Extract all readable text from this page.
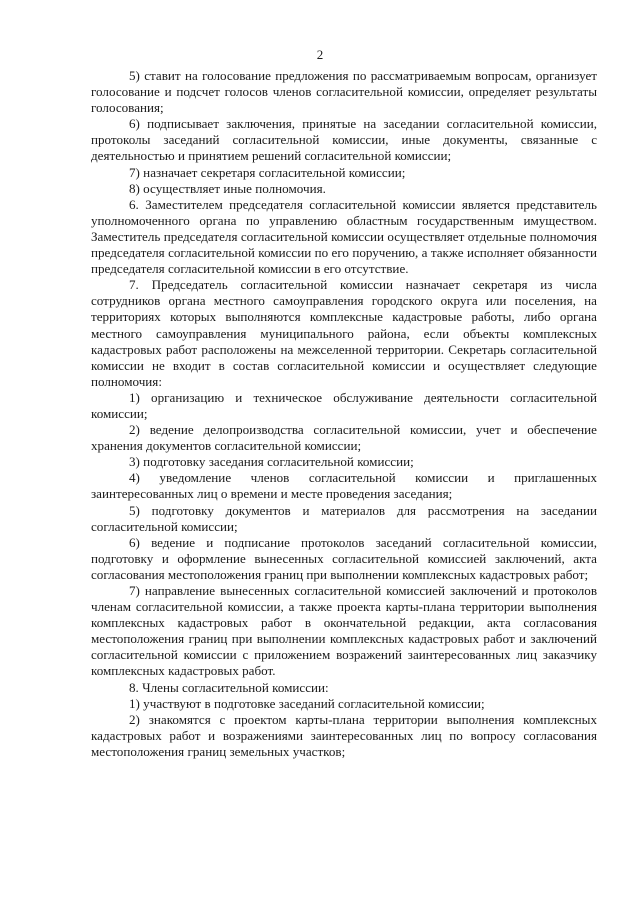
2

5) ставит на голосование предложения по рассматриваемым вопросам, организует голосование и подсчет голосов членов согласительной комиссии, определяет результаты голосования;

6) подписывает заключения, принятые на заседании согласительной комиссии, протоколы заседаний согласительной комиссии, иные документы, связанные с деятельностью и принятием решений согласительной комиссии;

7) назначает секретаря согласительной комиссии;

8) осуществляет иные полномочия.

6. Заместителем председателя согласительной комиссии является представитель уполномоченного органа по управлению областным государственным имуществом. Заместитель председателя согласительной комиссии осуществляет отдельные полномочия председателя согласительной комиссии по его поручению, а также исполняет обязанности председателя согласительной комиссии в его отсутствие.

7. Председатель согласительной комиссии назначает секретаря из числа сотрудников органа местного самоуправления городского округа или поселения, на территориях которых выполняются комплексные кадастровые работы, либо органа местного самоуправления муниципального района, если объекты комплексных кадастровых работ расположены на межселенной территории. Секретарь согласительной комиссии не входит в состав согласительной комиссии и осуществляет следующие полномочия:

1) организацию и техническое обслуживание деятельности согласительной комиссии;

2) ведение делопроизводства согласительной комиссии, учет и обеспечение хранения документов согласительной комиссии;

3) подготовку заседания согласительной комиссии;

4) уведомление членов согласительной комиссии и приглашенных заинтересованных лиц о времени и месте проведения заседания;

5) подготовку документов и материалов для рассмотрения на заседании согласительной комиссии;

6) ведение и подписание протоколов заседаний согласительной комиссии, подготовку и оформление вынесенных согласительной комиссией заключений, акта согласования местоположения границ при выполнении комплексных кадастровых работ;

7) направление вынесенных согласительной комиссией заключений и протоколов членам согласительной комиссии, а также проекта карты-плана территории выполнения комплексных кадастровых работ в окончательной редакции, акта согласования местоположения границ при выполнении комплексных кадастровых работ и заключений согласительной комиссии с приложением возражений заинтересованных лиц заказчику комплексных кадастровых работ.

8. Члены согласительной комиссии:

1) участвуют в подготовке заседаний согласительной комиссии;

2) знакомятся с проектом карты-плана территории выполнения комплексных кадастровых работ и возражениями заинтересованных лиц по вопросу согласования местоположения границ земельных участков;
